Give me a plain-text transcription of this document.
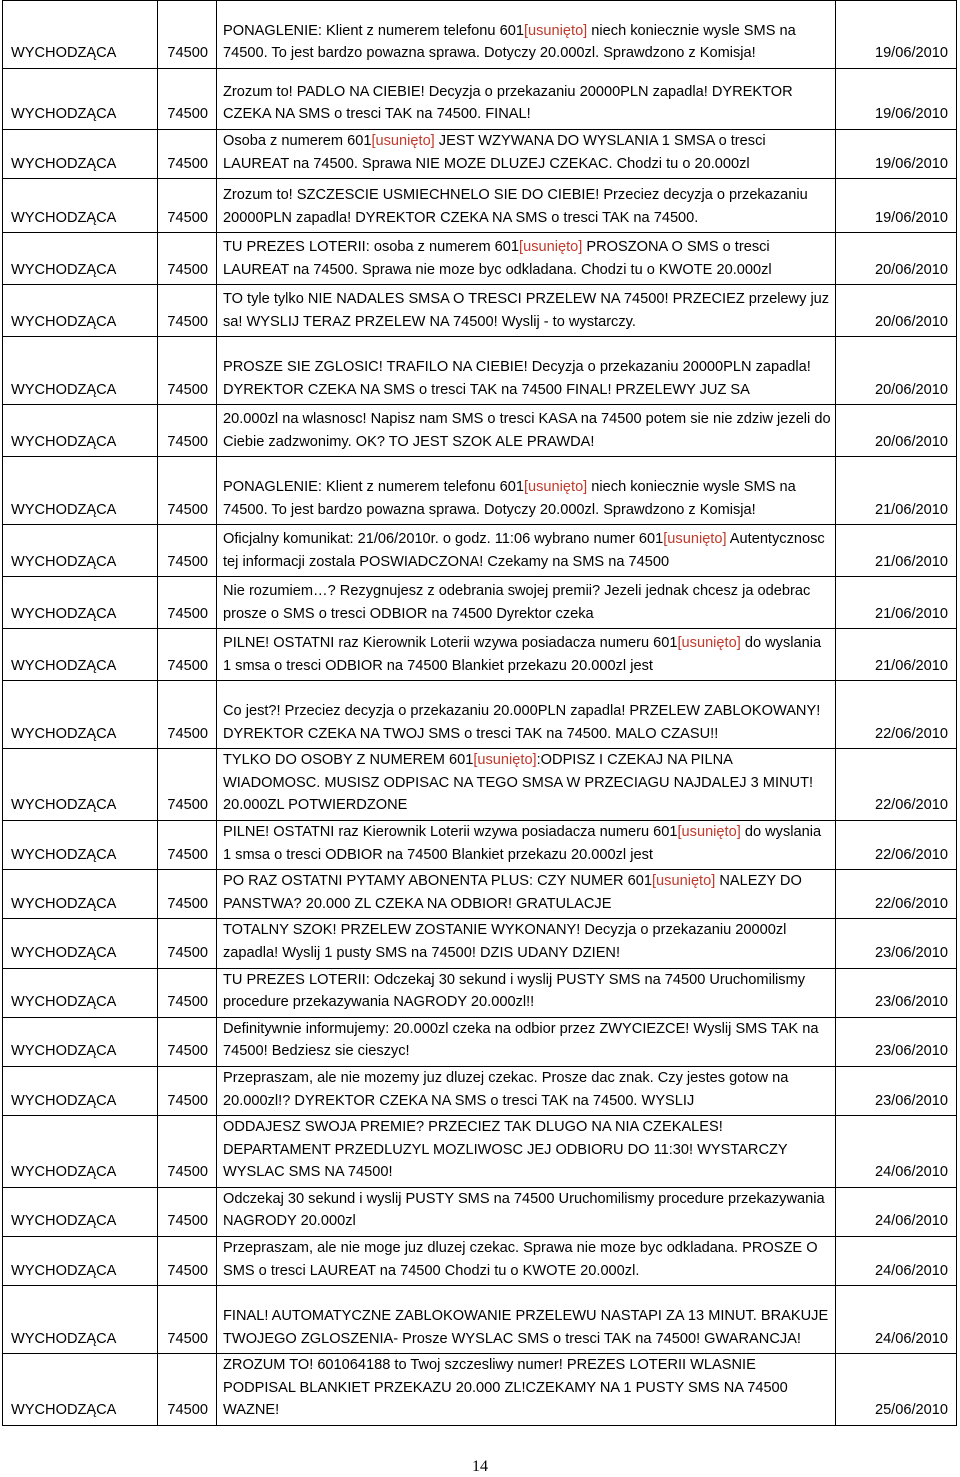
WYCHODZĄCA	74500	PONAGLENIE: Klient z numerem telefonu 601[usunięto] niech koniecznie wysle SMS na 74500. To jest bardzo powazna sprawa. Dotyczy 20.000zl. Sprawdzono z Komisja!	19/06/2010
WYCHODZĄCA	74500	Zrozum to! PADLO NA CIEBIE! Decyzja o przekazaniu 20000PLN zapadla! DYREKTOR CZEKA NA SMS o tresci TAK na 74500. FINAL!	19/06/2010
WYCHODZĄCA	74500	Osoba z numerem 601[usunięto] JEST WZYWANA DO WYSLANIA 1 SMSA o tresci LAUREAT na 74500. Sprawa NIE MOZE DLUZEJ CZEKAC. Chodzi tu o 20.000zl	19/06/2010
WYCHODZĄCA	74500	Zrozum to! SZCZESCIE USMIECHNELO SIE DO CIEBIE! Przeciez decyzja o przekazaniu 20000PLN zapadla! DYREKTOR CZEKA NA SMS o tresci TAK na 74500.	19/06/2010
WYCHODZĄCA	74500	TU PREZES LOTERII: osoba z numerem 601[usunięto] PROSZONA O SMS o tresci LAUREAT na 74500. Sprawa nie moze byc odkladana. Chodzi tu o KWOTE 20.000zl	20/06/2010
WYCHODZĄCA	74500	TO tyle tylko NIE NADALES SMSA O TRESCI PRZELEW NA 74500! PRZECIEZ przelewy juz sa! WYSLIJ TERAZ PRZELEW NA 74500! Wyslij - to wystarczy.	20/06/2010
WYCHODZĄCA	74500	PROSZE SIE ZGLOSIC! TRAFILO NA CIEBIE! Decyzja o przekazaniu 20000PLN zapadla! DYREKTOR CZEKA NA SMS o tresci TAK na 74500 FINAL! PRZELEWY JUZ SA	20/06/2010
WYCHODZĄCA	74500	20.000zl na wlasnosc! Napisz nam SMS o tresci KASA na 74500 potem sie nie zdziw jezeli do Ciebie zadzwonimy. OK? TO JEST SZOK ALE PRAWDA!	20/06/2010
WYCHODZĄCA	74500	PONAGLENIE: Klient z numerem telefonu 601[usunięto] niech koniecznie wysle SMS na 74500. To jest bardzo powazna sprawa. Dotyczy 20.000zl. Sprawdzono z Komisja!	21/06/2010
WYCHODZĄCA	74500	Oficjalny komunikat: 21/06/2010r. o godz. 11:06 wybrano numer 601[usunięto] Autentycznosc tej informacji zostala POSWIADCZONA! Czekamy na SMS na 74500	21/06/2010
WYCHODZĄCA	74500	Nie rozumiem…? Rezygnujesz z odebrania swojej premii? Jezeli jednak chcesz ja odebrac prosze o SMS o tresci ODBIOR na 74500 Dyrektor czeka	21/06/2010
WYCHODZĄCA	74500	PILNE! OSTATNI raz Kierownik Loterii wzywa posiadacza numeru 601[usunięto] do wyslania 1 smsa o tresci ODBIOR na 74500 Blankiet przekazu 20.000zl jest	21/06/2010
WYCHODZĄCA	74500	Co jest?! Przeciez decyzja o przekazaniu 20.000PLN zapadla! PRZELEW ZABLOKOWANY! DYREKTOR CZEKA NA TWOJ SMS o tresci TAK na 74500. MALO CZASU!!	22/06/2010
WYCHODZĄCA	74500	TYLKO DO OSOBY Z NUMEREM 601[usunięto]:ODPISZ I CZEKAJ NA PILNA WIADOMOSC. MUSISZ ODPISAC NA TEGO SMSA W PRZECIAGU NAJDALEJ 3 MINUT! 20.000ZL POTWIERDZONE	22/06/2010
WYCHODZĄCA	74500	PILNE! OSTATNI raz Kierownik Loterii wzywa posiadacza numeru 601[usunięto] do wyslania 1 smsa o tresci ODBIOR na 74500 Blankiet przekazu 20.000zl jest	22/06/2010
WYCHODZĄCA	74500	PO RAZ OSTATNI PYTAMY ABONENTA PLUS: CZY NUMER 601[usunięto] NALEZY DO PANSTWA? 20.000 ZL CZEKA NA ODBIOR! GRATULACJE	22/06/2010
WYCHODZĄCA	74500	TOTALNY SZOK! PRZELEW ZOSTANIE WYKONANY! Decyzja o przekazaniu 20000zl zapadla! Wyslij 1 pusty SMS na 74500! DZIS UDANY DZIEN!	23/06/2010
WYCHODZĄCA	74500	TU PREZES LOTERII: Odczekaj 30 sekund i wyslij PUSTY SMS na 74500 Uruchomilismy procedure przekazywania NAGRODY 20.000zl!!	23/06/2010
WYCHODZĄCA	74500	Definitywnie informujemy: 20.000zl czeka na odbior przez ZWYCIEZCE! Wyslij SMS TAK na 74500! Bedziesz sie cieszyc!	23/06/2010
WYCHODZĄCA	74500	Przepraszam, ale nie mozemy juz dluzej czekac. Prosze dac znak. Czy jestes gotow na 20.000zl!? DYREKTOR CZEKA NA SMS o tresci TAK na 74500. WYSLIJ	23/06/2010
WYCHODZĄCA	74500	ODDAJESZ SWOJA PREMIE? PRZECIEZ TAK DLUGO NA NIA CZEKALES! DEPARTAMENT PRZEDLUZYL MOZLIWOSC JEJ ODBIORU DO 11:30! WYSTARCZY WYSLAC SMS NA 74500!	24/06/2010
WYCHODZĄCA	74500	Odczekaj 30 sekund i wyslij PUSTY SMS na 74500 Uruchomilismy procedure przekazywania NAGRODY 20.000zl	24/06/2010
WYCHODZĄCA	74500	Przepraszam, ale nie moge juz dluzej czekac. Sprawa nie moze byc odkladana. PROSZE O SMS o tresci LAUREAT na 74500 Chodzi tu o KWOTE 20.000zl.	24/06/2010
WYCHODZĄCA	74500	FINAL! AUTOMATYCZNE ZABLOKOWANIE PRZELEWU NASTAPI ZA 13 MINUT. BRAKUJE TWOJEGO ZGLOSZENIA- Prosze WYSLAC SMS o tresci TAK na 74500! GWARANCJA!	24/06/2010
WYCHODZĄCA	74500	ZROZUM TO! 601064188 to Twoj szczesliwy numer! PREZES LOTERII WLASNIE PODPISAL BLANKIET PRZEKAZU 20.000 ZL!CZEKAMY NA 1 PUSTY SMS NA 74500 WAZNE!	25/06/2010
14
